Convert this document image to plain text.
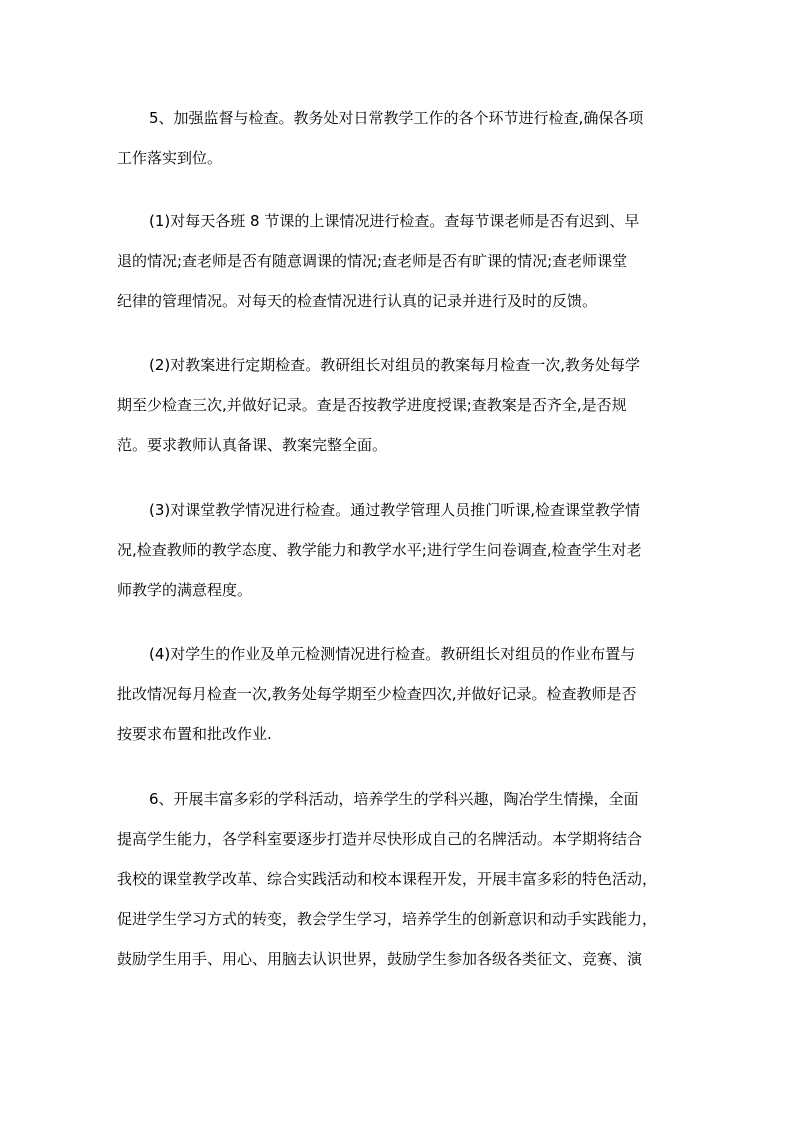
5、加强监督与检查。教务处对日常教学工作的各个环节进行检查,确保各项
工作落实到位。
(1)对每天各班 8 节课的上课情况进行检查。查每节课老师是否有迟到、早
退的情况;查老师是否有随意调课的情况;查老师是否有旷课的情况;查老师课堂
纪律的管理情况。对每天的检查情况进行认真的记录并进行及时的反馈。
(2)对教案进行定期检查。教研组长对组员的教案每月检查一次,教务处每学
期至少检查三次,并做好记录。查是否按教学进度授课;查教案是否齐全,是否规
范。要求教师认真备课、教案完整全面。
(3)对课堂教学情况进行检查。通过教学管理人员推门听课,检查课堂教学情
况,检查教师的教学态度、教学能力和教学水平;进行学生问卷调查,检查学生对老
师教学的满意程度。
(4)对学生的作业及单元检测情况进行检查。教研组长对组员的作业布置与
批改情况每月检查一次,教务处每学期至少检查四次,并做好记录。检查教师是否
按要求布置和批改作业.
6、开展丰富多彩的学科活动，培养学生的学科兴趣，陶冶学生情操，全面
提高学生能力，各学科室要逐步打造并尽快形成自己的名牌活动。本学期将结合
我校的课堂教学改革、综合实践活动和校本课程开发，开展丰富多彩的特色活动，
促进学生学习方式的转变，教会学生学习，培养学生的创新意识和动手实践能力，
鼓励学生用手、用心、用脑去认识世界，鼓励学生参加各级各类征文、竞赛、演
